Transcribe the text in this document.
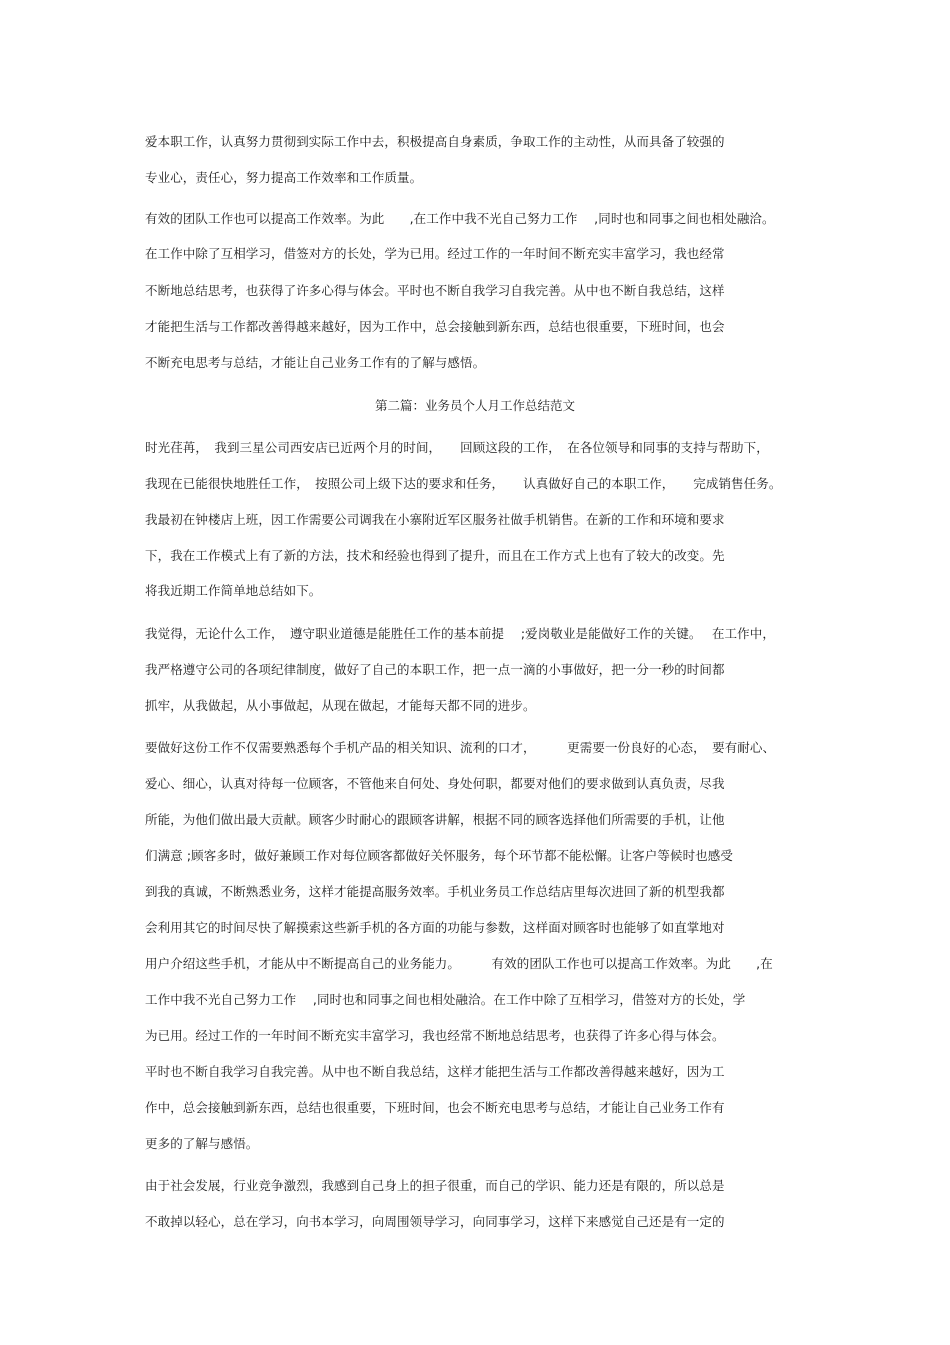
爱本职工作，认真努力贯彻到实际工作中去，积极提高自身素质，争取工作的主动性，从而具备了较强的
专业心，责任心，努力提高工作效率和工作质量。
有效的团队工作也可以提高工作效率。为此　　,在工作中我不光自己努力工作　 ,同时也和同事之间也相处融洽。
在工作中除了互相学习，借签对方的长处，学为已用。经过工作的一年时间不断充实丰富学习，我也经常
不断地总结思考，也获得了许多心得与体会。平时也不断自我学习自我完善。从中也不断自我总结，这样
才能把生活与工作都改善得越来越好，因为工作中，总会接触到新东西，总结也很重要，下班时间，也会
不断充电思考与总结，才能让自己业务工作有的了解与感悟。
第二篇：业务员个人月工作总结范文
时光荏苒，　我到三星公司西安店已近两个月的时间，　　回顾这段的工作，　在各位领导和同事的支持与帮助下，
我现在已能很快地胜任工作，　按照公司上级下达的要求和任务，　　认真做好自己的本职工作，　　完成销售任务。
我最初在钟楼店上班，因工作需要公司调我在小寨附近军区服务社做手机销售。在新的工作和环境和要求
下，我在工作模式上有了新的方法，技术和经验也得到了提升，而且在工作方式上也有了较大的改变。先
将我近期工作简单地总结如下。
我觉得，无论什么工作，　遵守职业道德是能胜任工作的基本前提　 ;爱岗敬业是能做好工作的关键。　 在工作中，
我严格遵守公司的各项纪律制度，做好了自己的本职工作，把一点一滴的小事做好，把一分一秒的时间都
抓牢，从我做起，从小事做起，从现在做起，才能每天都不同的进步。
要做好这份工作不仅需要熟悉每个手机产品的相关知识、流利的口才，　　　更需要一份良好的心态，　要有耐心、
爱心、细心，认真对待每一位顾客，不管他来自何处、身处何职，都要对他们的要求做到认真负责，尽我
所能，为他们做出最大贡献。顾客少时耐心的跟顾客讲解，根据不同的顾客选择他们所需要的手机，让他
们满意 ;顾客多时，做好兼顾工作对每位顾客都做好关怀服务，每个环节都不能松懈。让客户等候时也感受
到我的真诚，不断熟悉业务，这样才能提高服务效率。手机业务员工作总结店里每次进回了新的机型我都
会利用其它的时间尽快了解摸索这些新手机的各方面的功能与参数，这样面对顾客时也能够了如直掌地对
用户介绍这些手机，才能从中不断提高自己的业务能力。　　　有效的团队工作也可以提高工作效率。为此　　,在
工作中我不光自己努力工作　 ,同时也和同事之间也相处融洽。在工作中除了互相学习，借签对方的长处，学
为已用。经过工作的一年时间不断充实丰富学习，我也经常不断地总结思考，也获得了许多心得与体会。
平时也不断自我学习自我完善。从中也不断自我总结，这样才能把生活与工作都改善得越来越好，因为工
作中，总会接触到新东西，总结也很重要，下班时间，也会不断充电思考与总结，才能让自己业务工作有
更多的了解与感悟。
由于社会发展，行业竞争激烈，我感到自己身上的担子很重，而自己的学识、能力还是有限的，所以总是
不敢掉以轻心，总在学习，向书本学习，向周围领导学习，向同事学习，这样下来感觉自己还是有一定的
